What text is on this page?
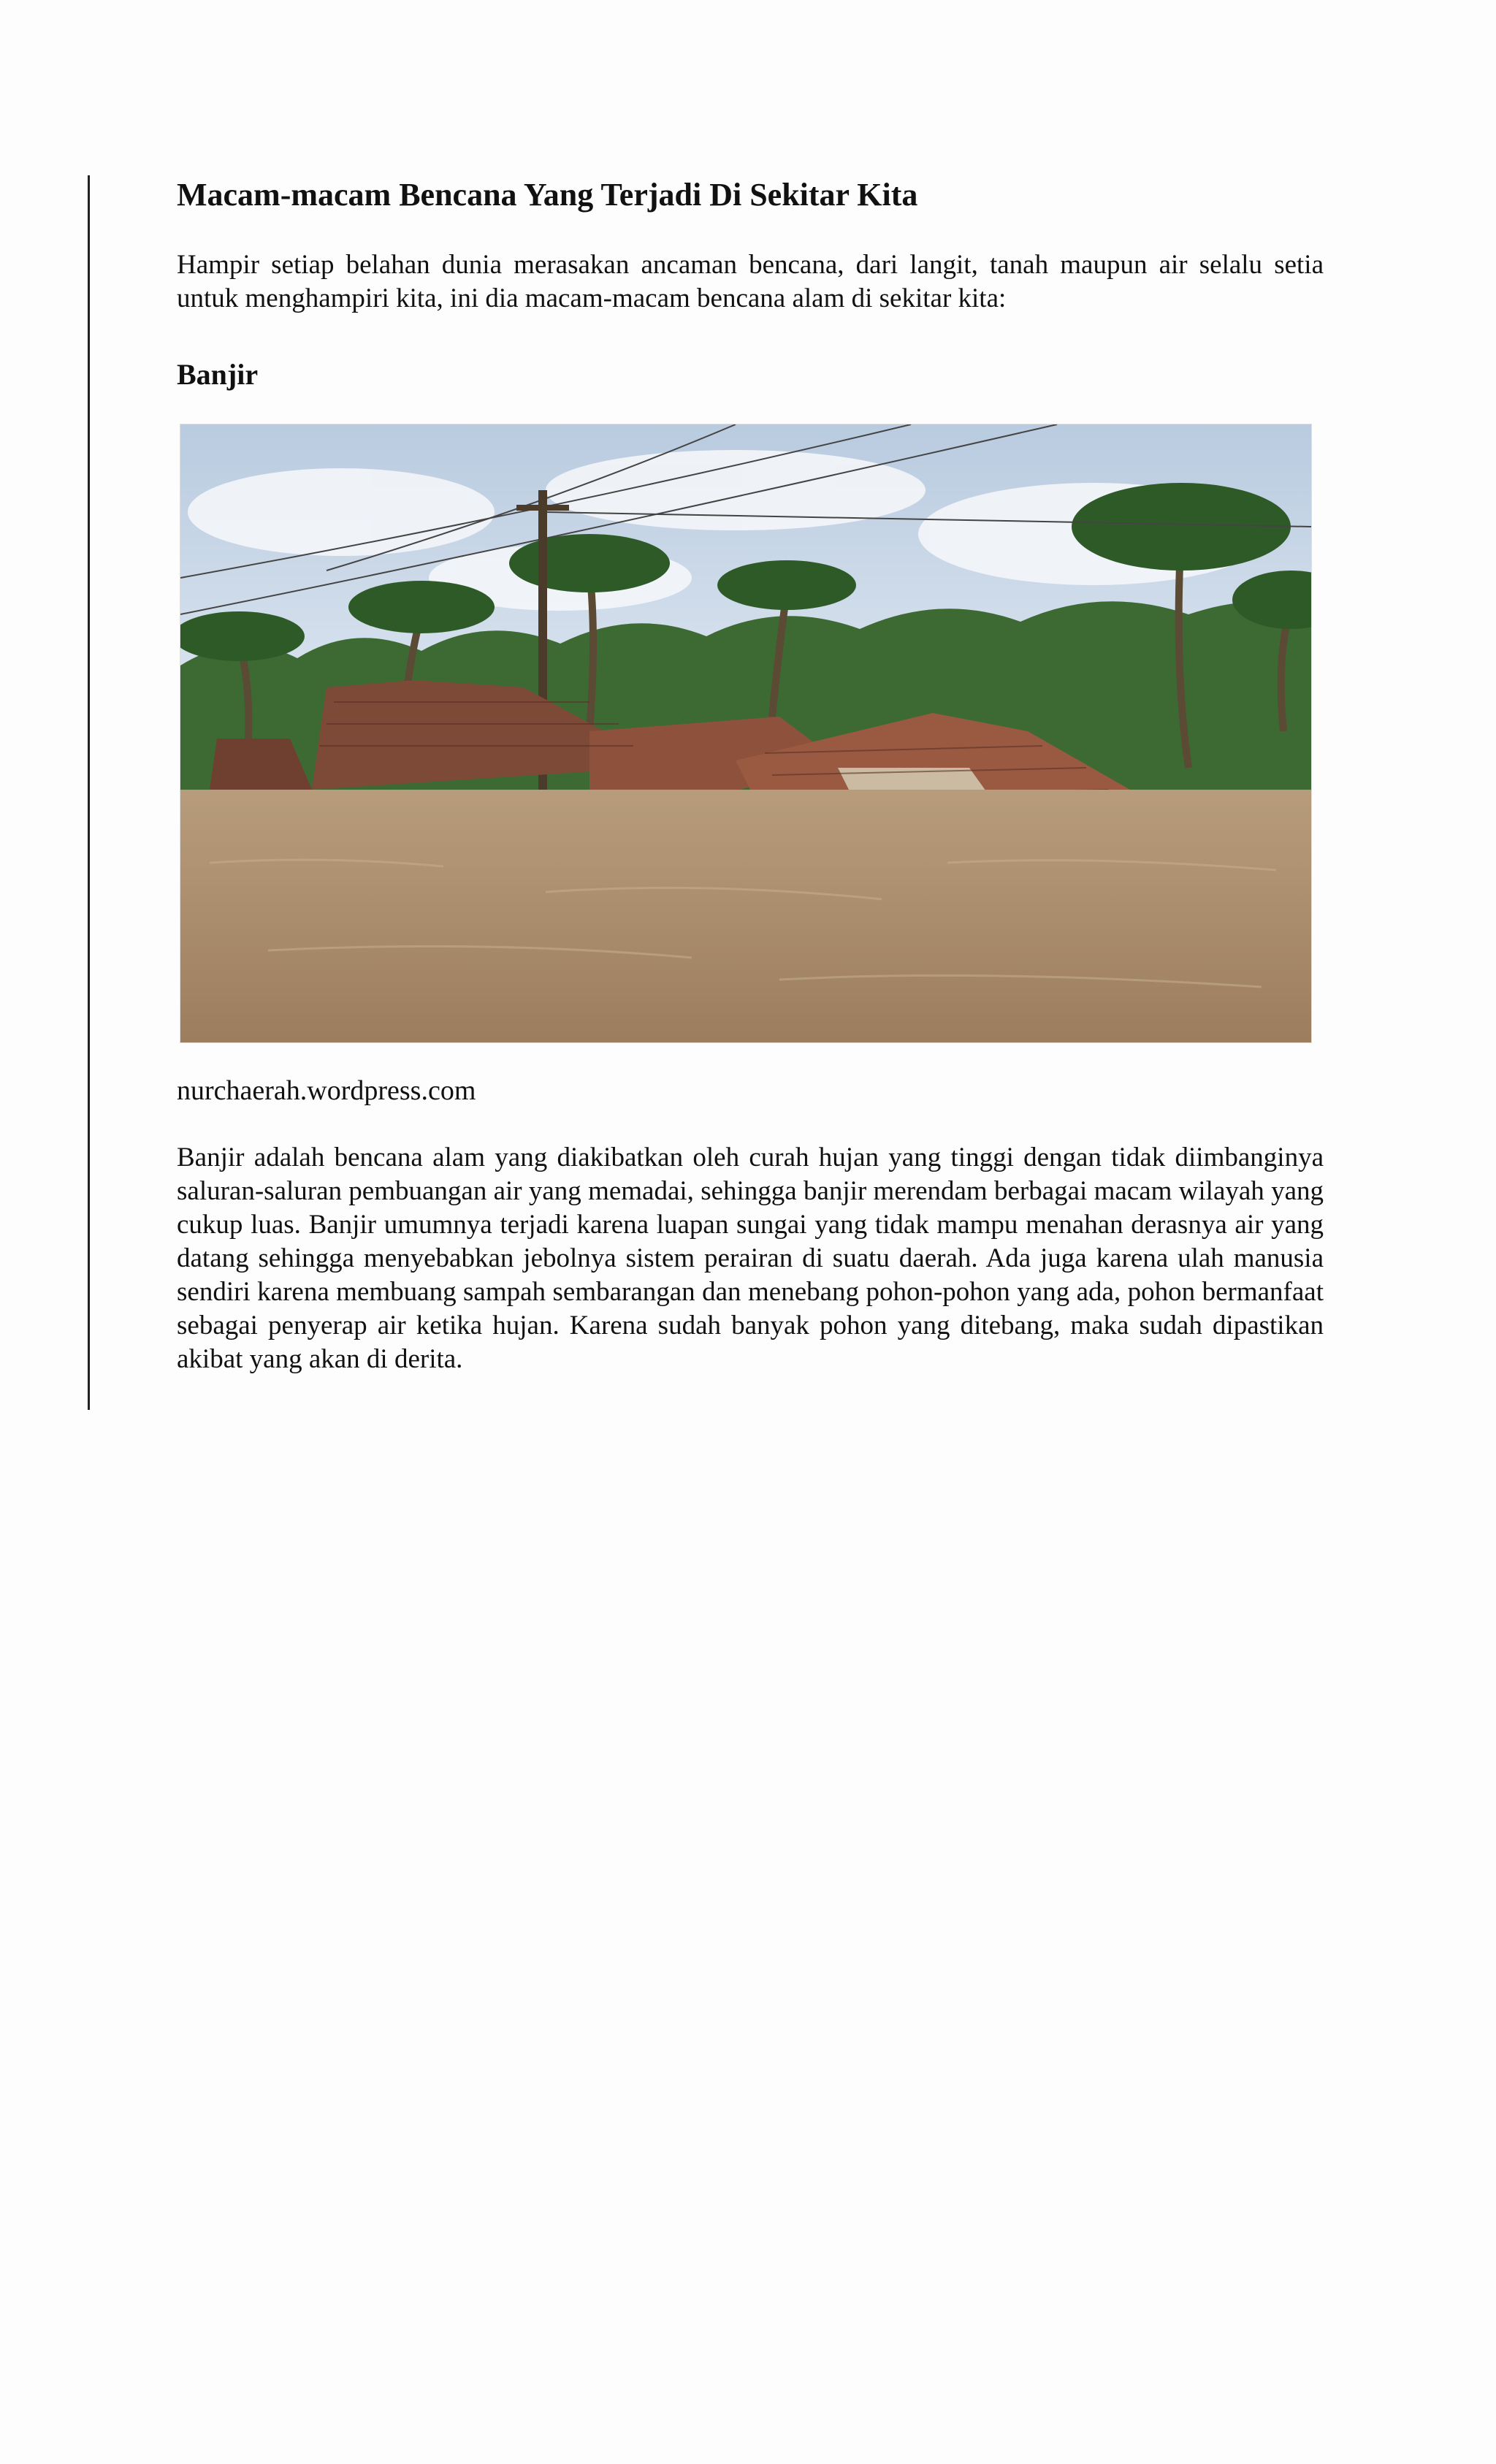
Macam-macam Bencana Yang Terjadi Di Sekitar Kita

Hampir setiap belahan dunia merasakan ancaman bencana, dari langit, tanah maupun air selalu setia untuk menghampiri kita, ini dia macam-macam bencana alam di sekitar kita:

Banjir
nurchaerah.wordpress.com

Banjir adalah bencana alam yang diakibatkan oleh curah hujan yang tinggi dengan tidak diimbanginya saluran-saluran pembuangan air yang memadai, sehingga banjir merendam berbagai macam wilayah yang cukup luas. Banjir umumnya terjadi karena luapan sungai yang tidak mampu menahan derasnya air yang datang sehingga menyebabkan jebolnya sistem perairan di suatu daerah. Ada juga karena ulah manusia sendiri karena membuang sampah sembarangan dan menebang pohon-pohon yang ada, pohon bermanfaat sebagai penyerap air ketika hujan. Karena sudah banyak pohon yang ditebang, maka sudah dipastikan akibat yang akan di derita.
